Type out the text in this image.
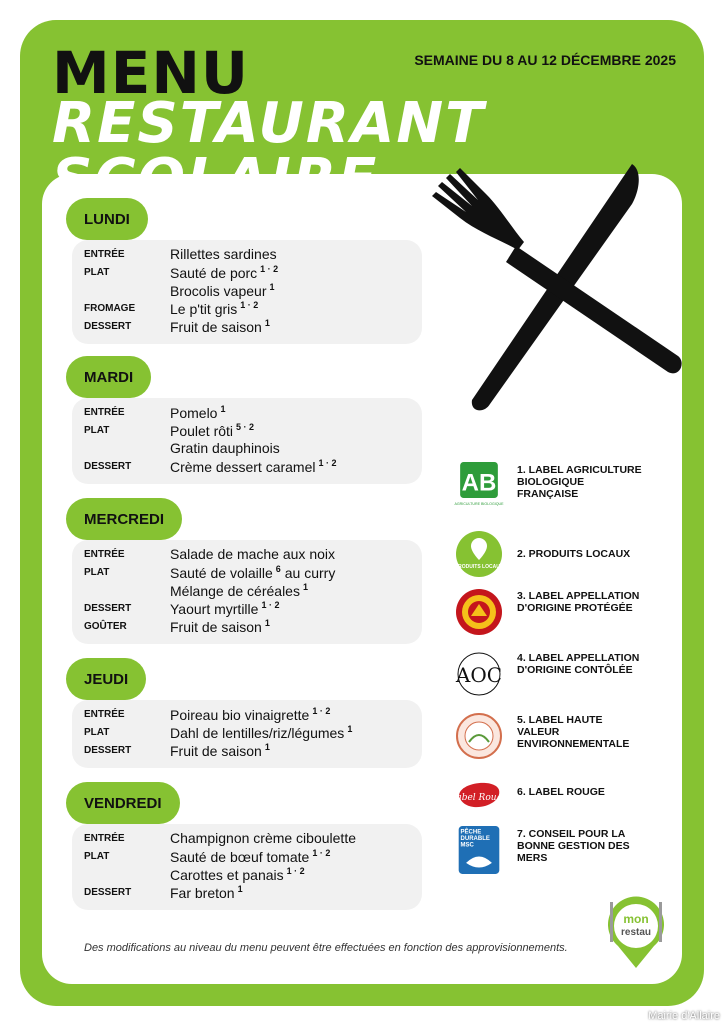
MENU	SEMAINE DU 8 AU 12 DÉCEMBRE 2025
RESTAURANT
LUNDI
ENTRÉE	Rillettes sardines
PLAT	Sauté de porc $^{1 \cdot 2}$
Brocolis vapeur $^1$
FROMAGE Le p'tit gris $^{1 \cdot 2}$
DESSERT	Fruit de saison $^1$
MARDI
ENTRÉE	Pomelo $^1$
PLAT	Poulet rôti $^{5 \cdot 2}$
Gratin dauphinois
DESSERT	Crème dessert caramel $^{1 \cdot 2}$
MERCREDI
ENTRÉE	Salade de mache aux noix
PLAT	Sauté de volaille $^6$ au curry
Mélange de céréales $^1$
DESSERT	Yaourt myrtille $^{1 \cdot 2}$
GOÛTER	Fruit de saison $^1$
JEUDI
ENTRÉE	Poireau bio vinaigrette $^{1 \cdot 2}$
PLAT	Dahl de lentilles/riz/légumes $^1$
DESSERT	Fruit de saison $^1$
VENDREDI
ENTRÉE	Champignon crème ciboulette
PLAT	Sauté de bœuf tomate $^{1 \cdot 2}$
Carottes et panais $^{1 \cdot 2}$
DESSERT	Far breton $^1$
AB
AGRICULTURE BIOLOGIQUE
1. LABEL AGRICULTURE BIOLOGIQUE FRANÇAISE
PRODUITS LOCAUX
2. PRODUITS LOCAUX
3. LABEL APPELLATION D'ORIGINE PROTÉGÉE
AOC
4. LABEL APPELLATION D'ORIGINE CONTÔLÉE
5. LABEL HAUTE VALEUR ENVIRONNEMENTALE
Label Rouge 6. LABEL ROUGE
PÊCHE DURABLE MSC
7. CONSEIL POUR LA BONNE GESTION DES MERS
Des modifications au niveau du menu peuvent être effectuées en fonction des approvisionnements.
mon
restau
Mairie d'Allaire
